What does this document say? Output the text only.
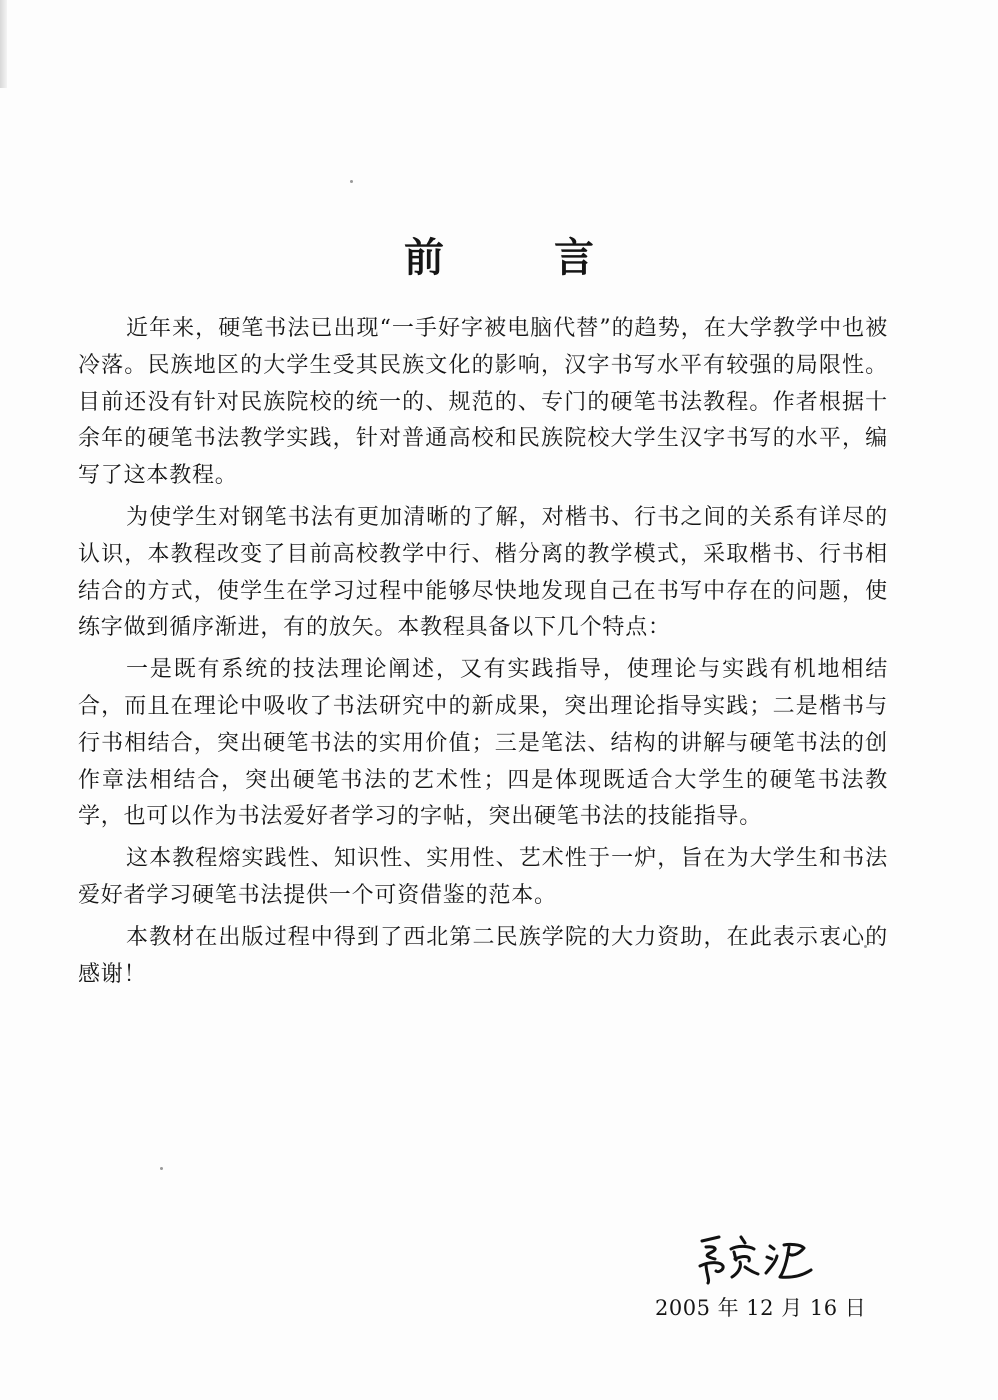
前 言

近年来，硬笔书法已出现“一手好字被电脑代替”的趋势，在大学教学中也被冷落。民族地区的大学生受其民族文化的影响，汉字书写水平有较强的局限性。目前还没有针对民族院校的统一的、规范的、专门的硬笔书法教程。作者根据十余年的硬笔书法教学实践，针对普通高校和民族院校大学生汉字书写的水平，编写了这本教程。

为使学生对钢笔书法有更加清晰的了解，对楷书、行书之间的关系有详尽的认识，本教程改变了目前高校教学中行、楷分离的教学模式，采取楷书、行书相结合的方式，使学生在学习过程中能够尽快地发现自己在书写中存在的问题，使练字做到循序渐进，有的放矢。本教程具备以下几个特点：

一是既有系统的技法理论阐述，又有实践指导，使理论与实践有机地相结合，而且在理论中吸收了书法研究中的新成果，突出理论指导实践；二是楷书与行书相结合，突出硬笔书法的实用价值；三是笔法、结构的讲解与硬笔书法的创作章法相结合，突出硬笔书法的艺术性；四是体现既适合大学生的硬笔书法教学，也可以作为书法爱好者学习的字帖，突出硬笔书法的技能指导。

这本教程熔实践性、知识性、实用性、艺术性于一炉，旨在为大学生和书法爱好者学习硬笔书法提供一个可资借鉴的范本。

本教材在出版过程中得到了西北第二民族学院的大力资助，在此表示衷心的感谢！

2005 年 12 月 16 日
